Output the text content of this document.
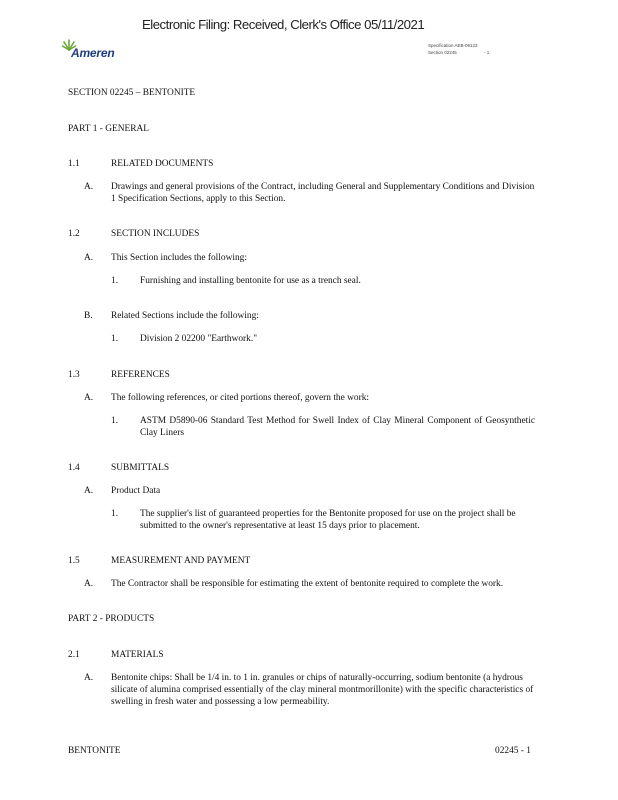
Electronic Filing: Received, Clerk's Office 05/11/2021
Ameren
Specification AEB-09123
Section 02245	- 1
SECTION 02245 – BENTONITE
PART 1 - GENERAL
1.1	RELATED DOCUMENTS
A. Drawings and general provisions of the Contract, including General and Supplementary Conditions and Division 1 Specification Sections, apply to this Section.
1.2	SECTION INCLUDES
A. This Section includes the following:
1. Furnishing and installing bentonite for use as a trench seal.
B. Related Sections include the following:
1. Division 2 02200 "Earthwork."
1.3	REFERENCES
A. The following references, or cited portions thereof, govern the work:
1. ASTM D5890-06 Standard Test Method for Swell Index of Clay Mineral Component of Geosynthetic Clay Liners
1.4	SUBMITTALS
A. Product Data
1. The supplier's list of guaranteed properties for the Bentonite proposed for use on the project shall be submitted to the owner's representative at least 15 days prior to placement.
1.5	MEASUREMENT AND PAYMENT
A. The Contractor shall be responsible for estimating the extent of bentonite required to complete the work.
PART 2 - PRODUCTS
2.1	MATERIALS
A. Bentonite chips: Shall be 1/4 in. to 1 in. granules or chips of naturally-occurring, sodium bentonite (a hydrous silicate of alumina comprised essentially of the clay mineral montmorillonite) with the specific characteristics of swelling in fresh water and possessing a low permeability.
BENTONITE	02245 - 1
